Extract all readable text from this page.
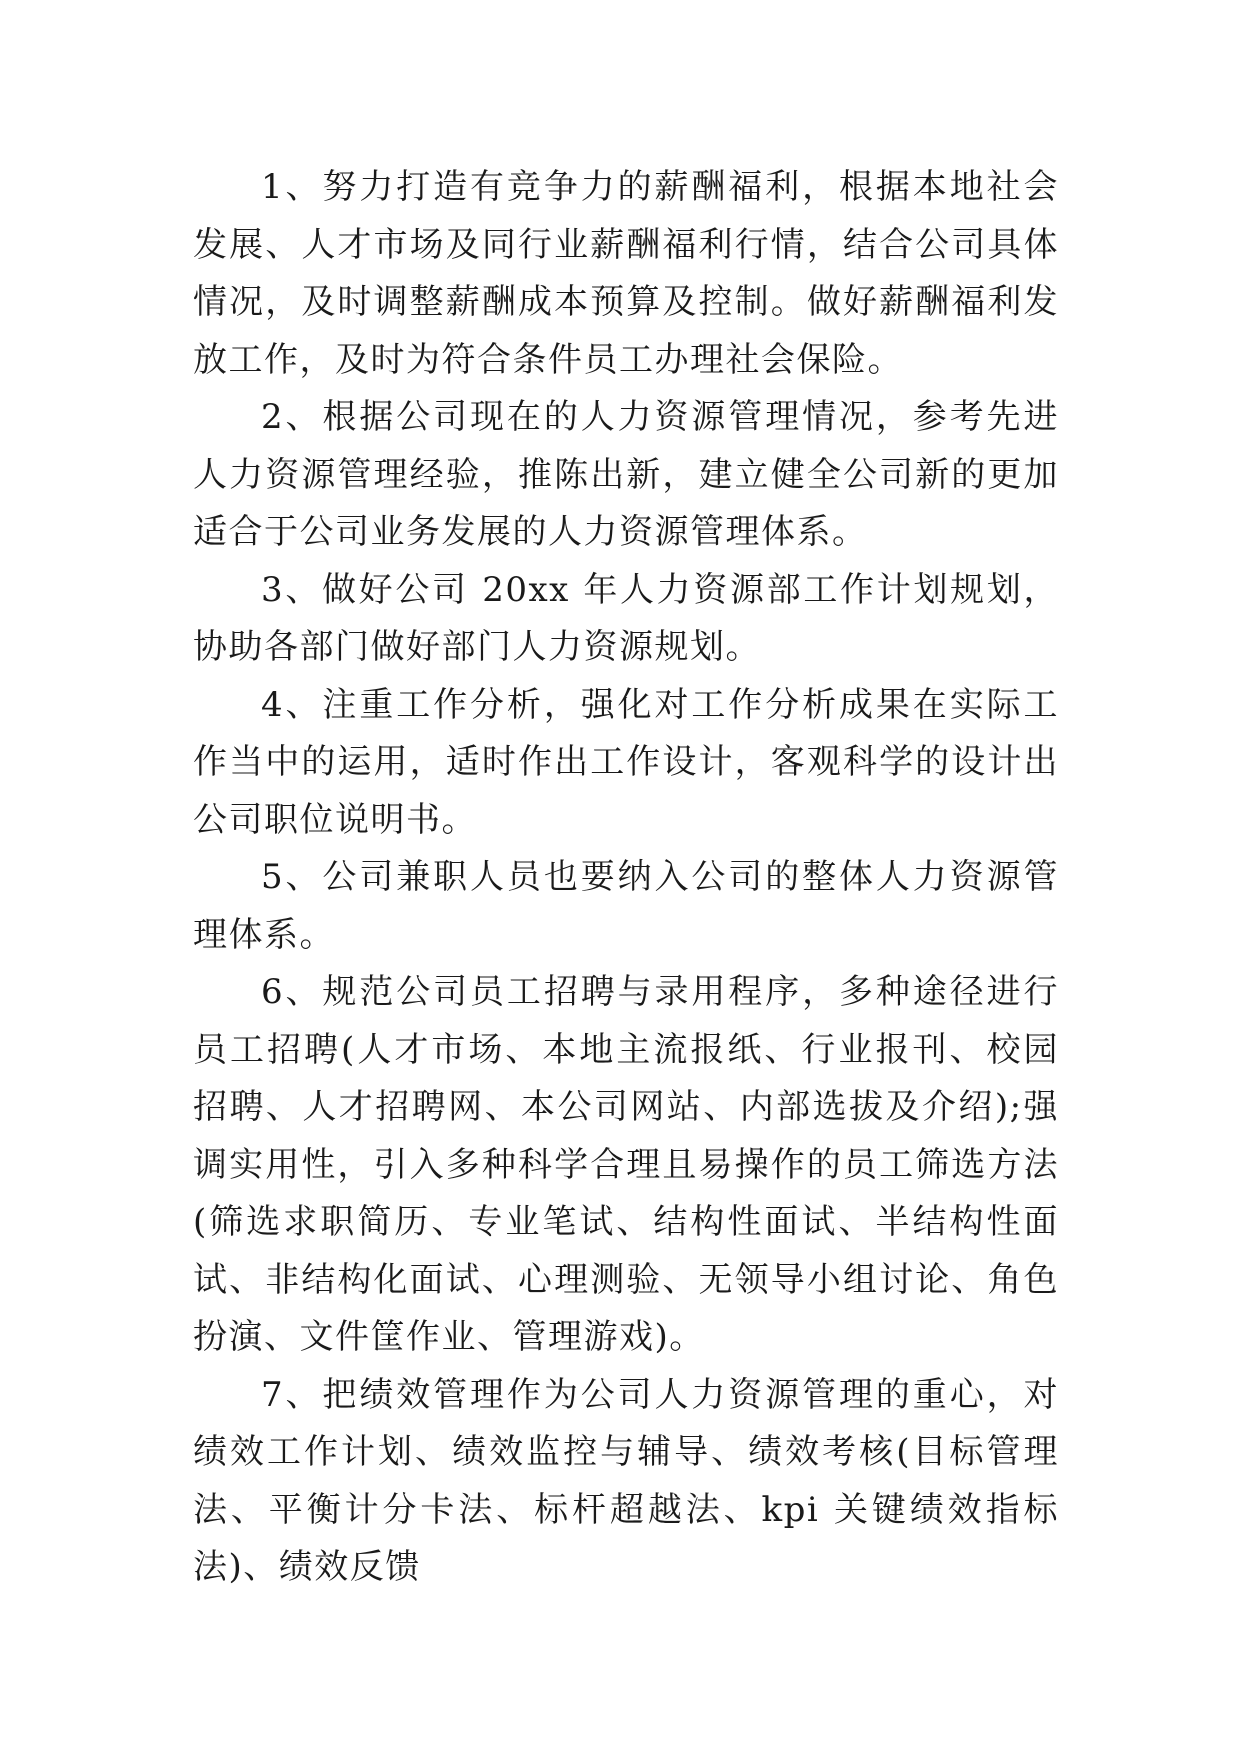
1、努力打造有竞争力的薪酬福利，根据本地社会发展、人才市场及同行业薪酬福利行情，结合公司具体情况，及时调整薪酬成本预算及控制。做好薪酬福利发放工作，及时为符合条件员工办理社会保险。

2、根据公司现在的人力资源管理情况，参考先进人力资源管理经验，推陈出新，建立健全公司新的更加适合于公司业务发展的人力资源管理体系。

3、做好公司 20xx 年人力资源部工作计划规划，协助各部门做好部门人力资源规划。

4、注重工作分析，强化对工作分析成果在实际工作当中的运用，适时作出工作设计，客观科学的设计出公司职位说明书。

5、公司兼职人员也要纳入公司的整体人力资源管理体系。

6、规范公司员工招聘与录用程序，多种途径进行员工招聘(人才市场、本地主流报纸、行业报刊、校园招聘、人才招聘网、本公司网站、内部选拔及介绍);强调实用性，引入多种科学合理且易操作的员工筛选方法(筛选求职简历、专业笔试、结构性面试、半结构性面试、非结构化面试、心理测验、无领导小组讨论、角色扮演、文件筐作业、管理游戏)。

7、把绩效管理作为公司人力资源管理的重心，对绩效工作计划、绩效监控与辅导、绩效考核(目标管理法、平衡计分卡法、标杆超越法、kpi 关键绩效指标法)、绩效反馈
